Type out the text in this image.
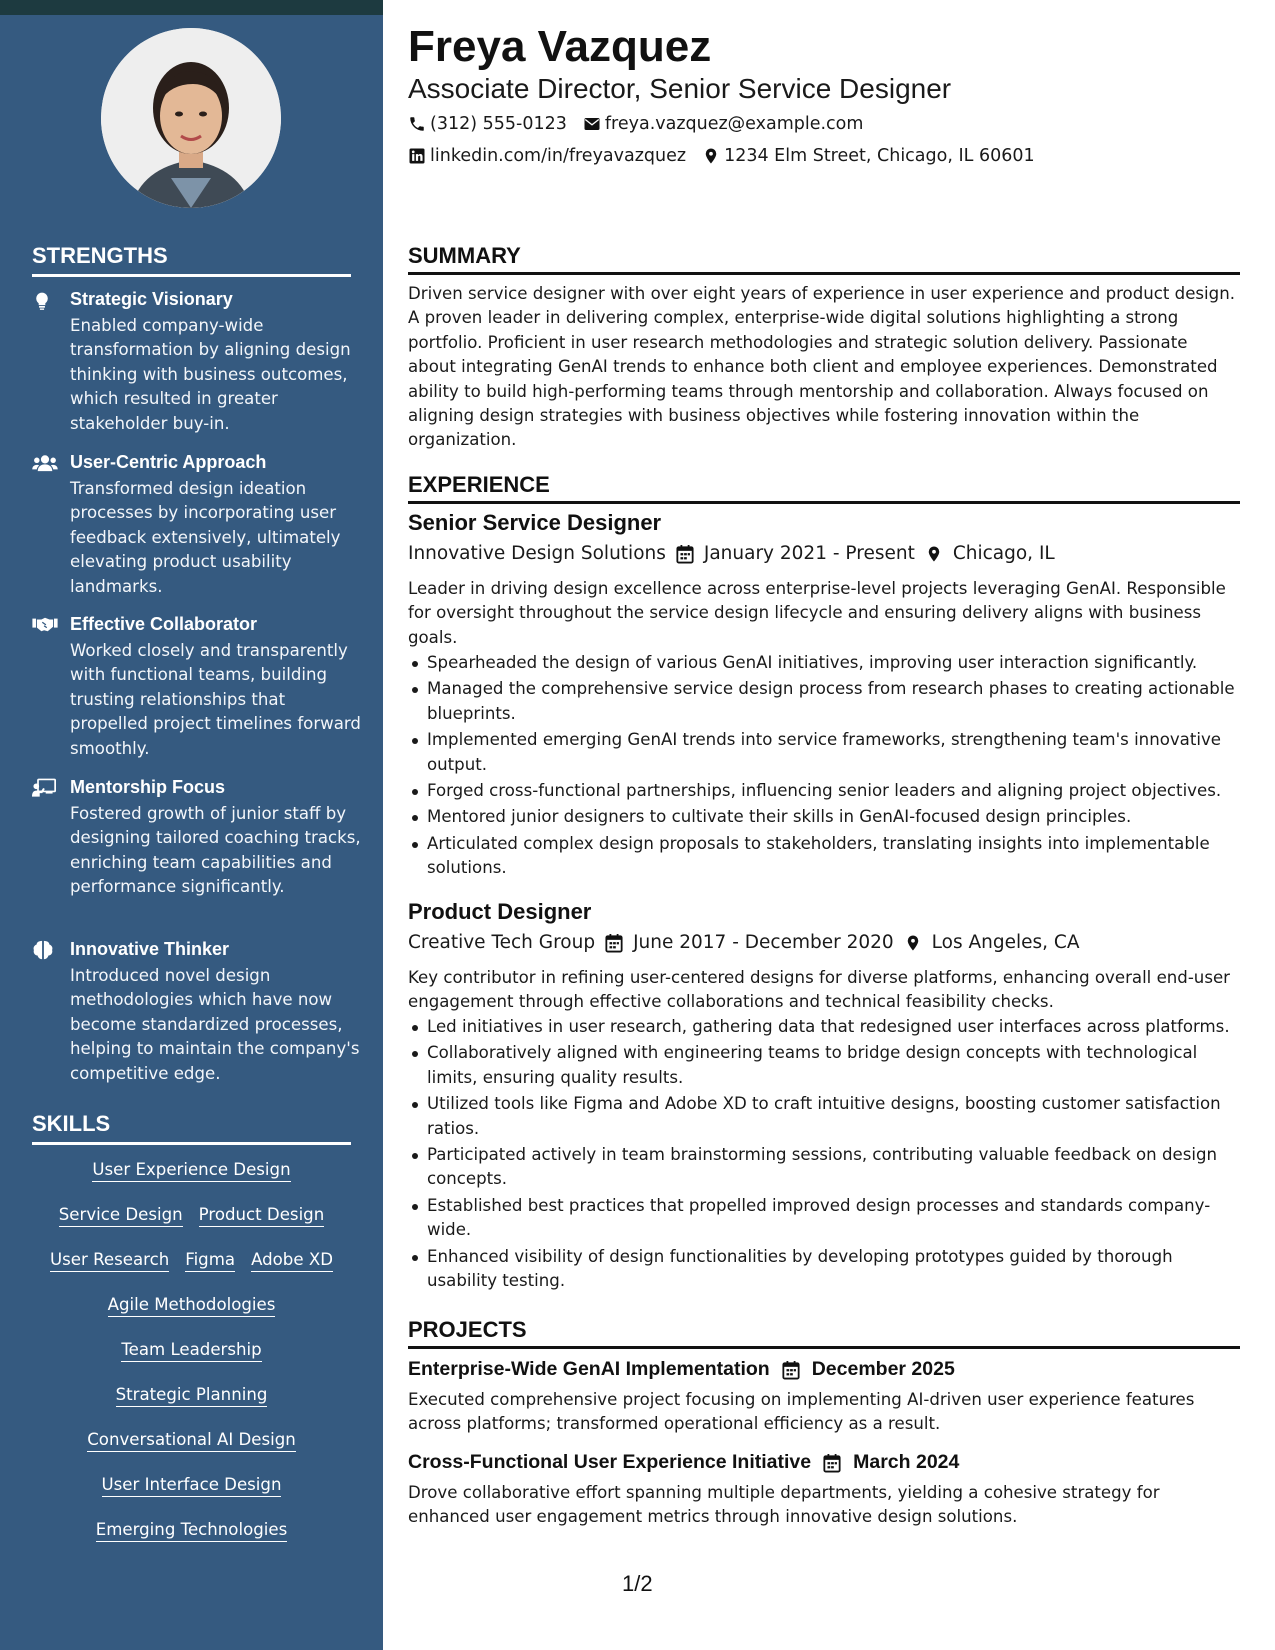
STRENGTHS
Strategic Visionary
Enabled company-wide transformation by aligning design thinking with business outcomes, which resulted in greater stakeholder buy-in.
User-Centric Approach
Transformed design ideation processes by incorporating user feedback extensively, ultimately elevating product usability landmarks.
Effective Collaborator
Worked closely and transparently with functional teams, building trusting relationships that propelled project timelines forward smoothly.
Mentorship Focus
Fostered growth of junior staff by designing tailored coaching tracks, enriching team capabilities and performance significantly.
Innovative Thinker
Introduced novel design methodologies which have now become standardized processes, helping to maintain the company's competitive edge.
SKILLS
User Experience Design
Service Design Product Design
User Research Figma Adobe XD
Agile Methodologies
Team Leadership
Strategic Planning
Conversational AI Design
User Interface Design
Emerging Technologies
Freya Vazquez
Associate Director, Senior Service Designer
(312) 555-0123 freya.vazquez@example.com
linkedin.com/in/freyavazquez 1234 Elm Street, Chicago, IL 60601
SUMMARY
Driven service designer with over eight years of experience in user experience and product design. A proven leader in delivering complex, enterprise-wide digital solutions highlighting a strong portfolio. Proficient in user research methodologies and strategic solution delivery. Passionate about integrating GenAI trends to enhance both client and employee experiences. Demonstrated ability to build high-performing teams through mentorship and collaboration. Always focused on aligning design strategies with business objectives while fostering innovation within the organization.
EXPERIENCE
Senior Service Designer
Innovative Design Solutions January 2021 - Present Chicago, IL
Leader in driving design excellence across enterprise-level projects leveraging GenAI. Responsible for oversight throughout the service design lifecycle and ensuring delivery aligns with business goals.
Spearheaded the design of various GenAI initiatives, improving user interaction significantly.
Managed the comprehensive service design process from research phases to creating actionable blueprints.
Implemented emerging GenAI trends into service frameworks, strengthening team's innovative output.
Forged cross-functional partnerships, influencing senior leaders and aligning project objectives.
Mentored junior designers to cultivate their skills in GenAI-focused design principles.
Articulated complex design proposals to stakeholders, translating insights into implementable solutions.
Product Designer
Creative Tech Group June 2017 - December 2020 Los Angeles, CA
Key contributor in refining user-centered designs for diverse platforms, enhancing overall end-user engagement through effective collaborations and technical feasibility checks.
Led initiatives in user research, gathering data that redesigned user interfaces across platforms.
Collaboratively aligned with engineering teams to bridge design concepts with technological limits, ensuring quality results.
Utilized tools like Figma and Adobe XD to craft intuitive designs, boosting customer satisfaction ratios.
Participated actively in team brainstorming sessions, contributing valuable feedback on design concepts.
Established best practices that propelled improved design processes and standards company-wide.
Enhanced visibility of design functionalities by developing prototypes guided by thorough usability testing.
PROJECTS
Enterprise-Wide GenAI Implementation December 2025
Executed comprehensive project focusing on implementing AI-driven user experience features across platforms; transformed operational efficiency as a result.
Cross-Functional User Experience Initiative March 2024
Drove collaborative effort spanning multiple departments, yielding a cohesive strategy for enhanced user engagement metrics through innovative design solutions.
1/2
